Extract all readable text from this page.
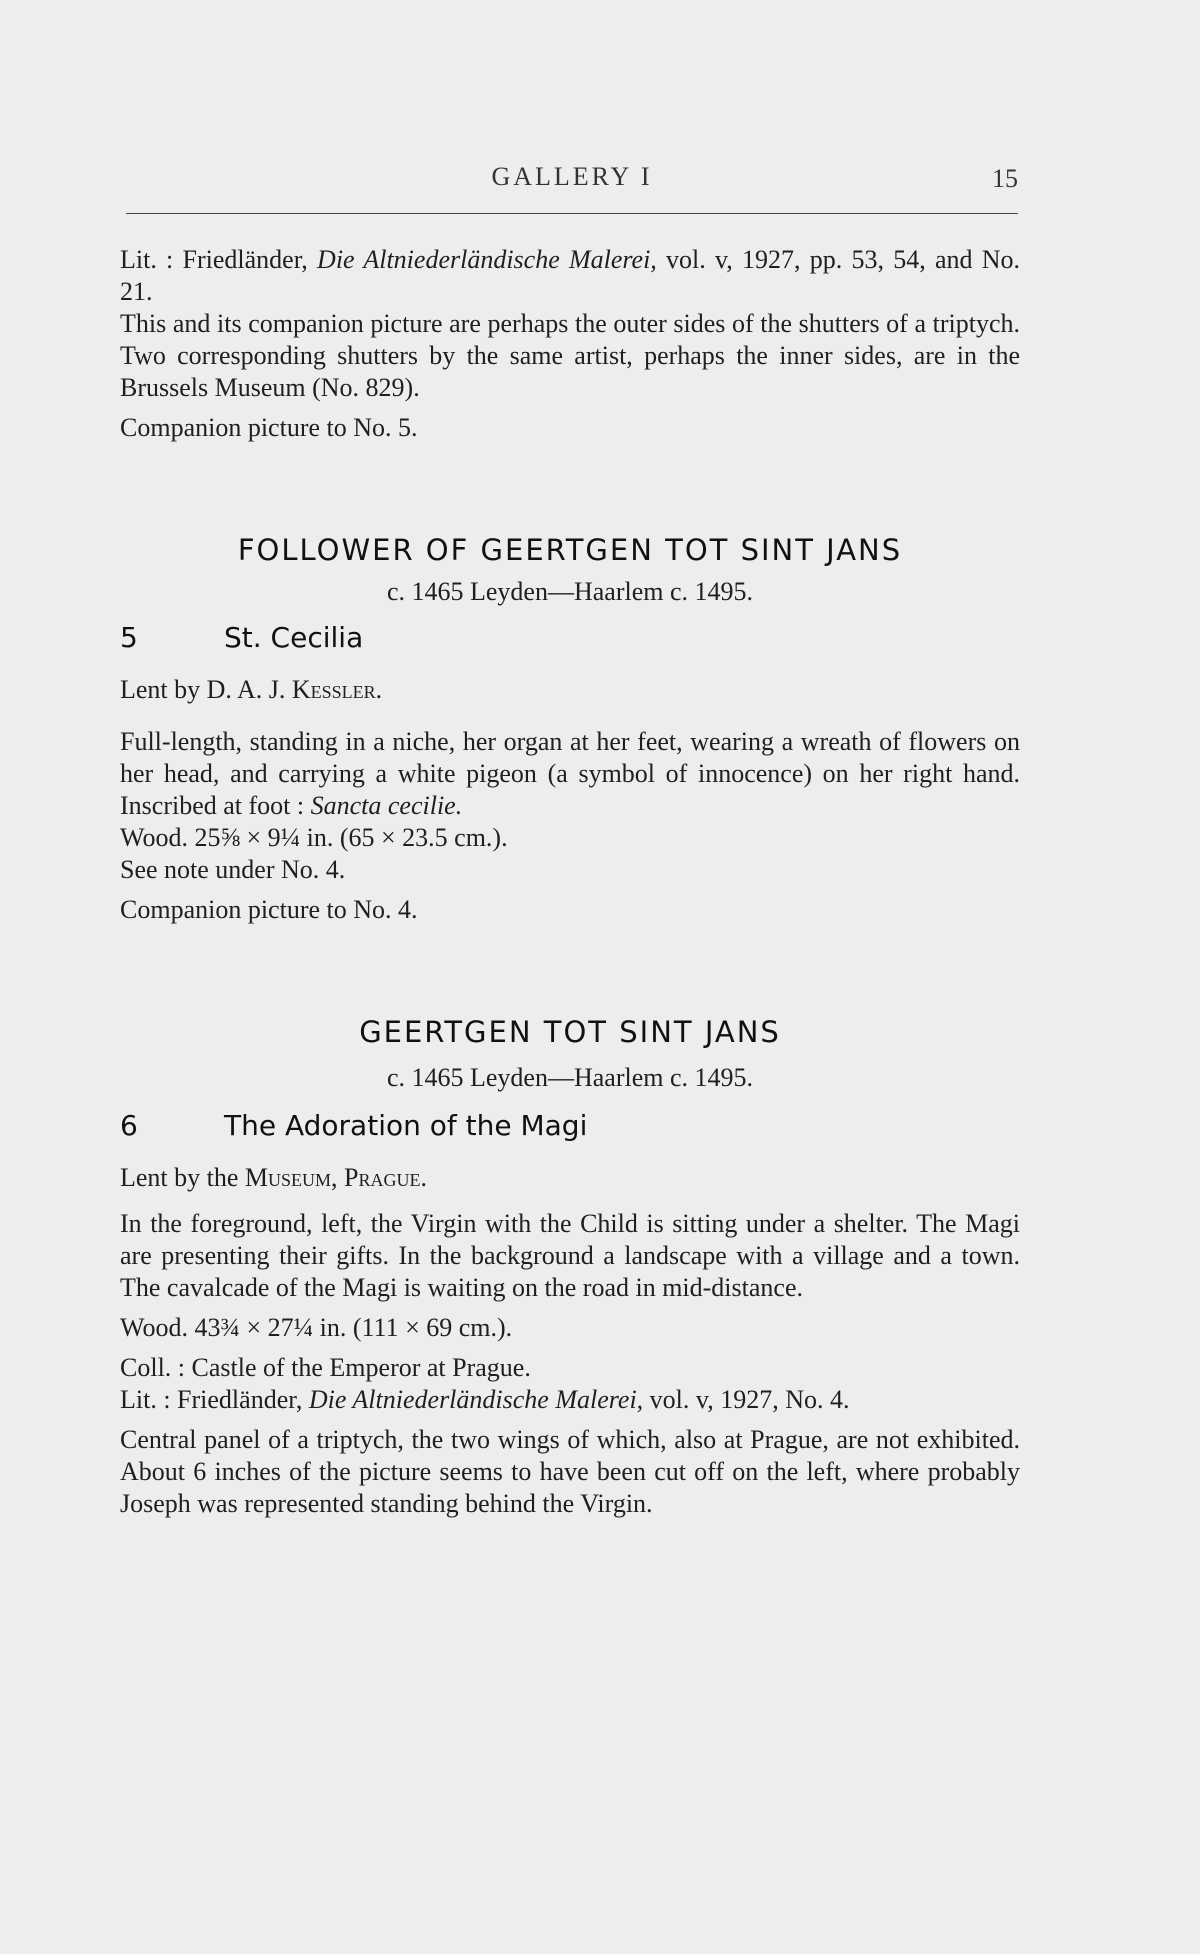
GALLERY I	15

Lit. : Friedländer, Die Altniederländische Malerei, vol. v, 1927, pp. 53, 54, and No. 21.

This and its companion picture are perhaps the outer sides of the shutters of a triptych. Two corresponding shutters by the same artist, perhaps the inner sides, are in the Brussels Museum (No. 829).

Companion picture to No. 5.

FOLLOWER OF GEERTGEN TOT SINT JANS

c. 1465 Leyden—Haarlem c. 1495.

5	St. Cecilia

Lent by D. A. J. Kessler.

Full-length, standing in a niche, her organ at her feet, wearing a wreath of flowers on her head, and carrying a white pigeon (a symbol of innocence) on her right hand. Inscribed at foot : Sancta cecilie.

Wood. 25⅝ × 9¼ in. (65 × 23.5 cm.).

See note under No. 4.

Companion picture to No. 4.

GEERTGEN TOT SINT JANS

c. 1465 Leyden—Haarlem c. 1495.

6	The Adoration of the Magi

Lent by the Museum, Prague.

In the foreground, left, the Virgin with the Child is sitting under a shelter. The Magi are presenting their gifts. In the background a landscape with a village and a town. The cavalcade of the Magi is waiting on the road in mid-distance.

Wood. 43¾ × 27¼ in. (111 × 69 cm.).

Coll. : Castle of the Emperor at Prague.

Lit. : Friedländer, Die Altniederländische Malerei, vol. v, 1927, No. 4.

Central panel of a triptych, the two wings of which, also at Prague, are not exhibited. About 6 inches of the picture seems to have been cut off on the left, where probably Joseph was represented standing behind the Virgin.
